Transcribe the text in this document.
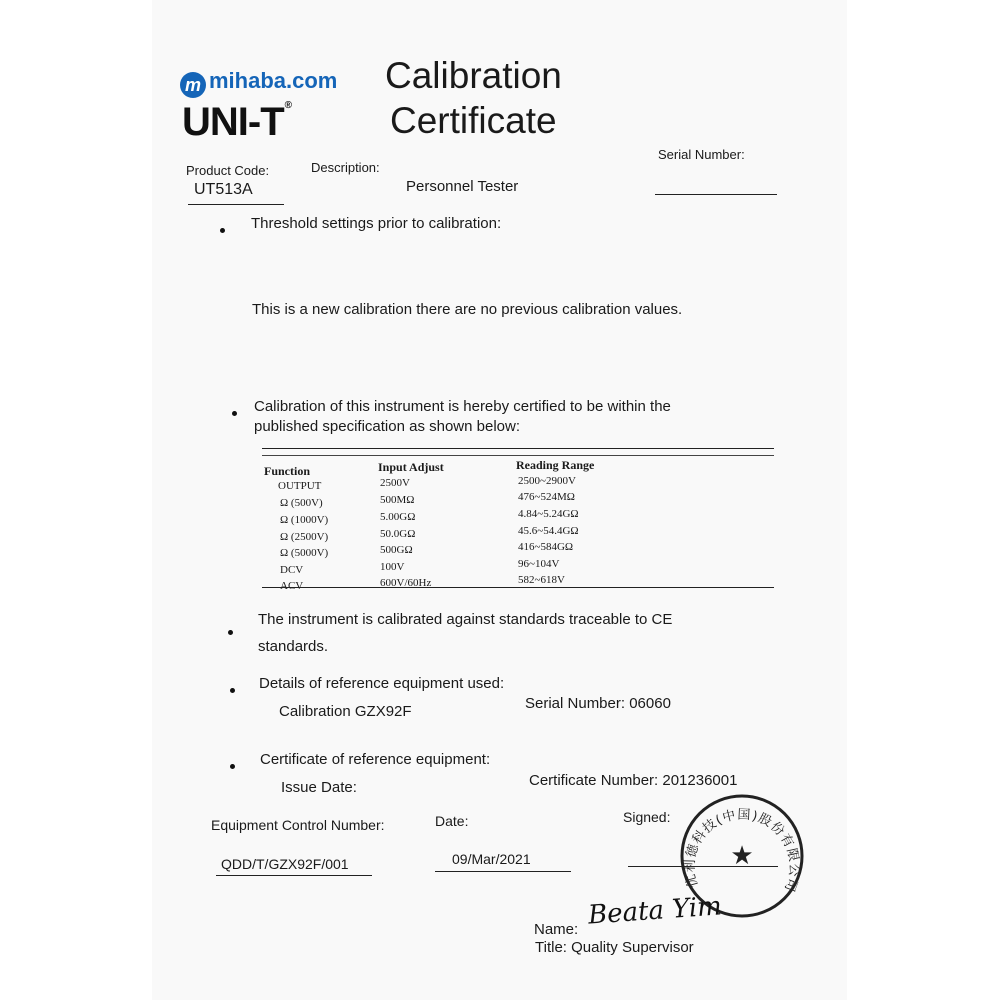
m mihaba.com
UNI-T®
Calibration
Certificate
Product Code:
UT513A
Description:
Personnel Tester
Serial Number:
Threshold settings prior to calibration:
This is a new calibration there are no previous calibration values.
Calibration of this instrument is hereby certified to be within the
published specification as shown below:
Function	Input Adjust	Reading Range
OUTPUT	2500V	2500~2900V
Ω (500V)	500MΩ	476~524MΩ
Ω (1000V)	5.00GΩ	4.84~5.24GΩ
Ω (2500V)	50.0GΩ	45.6~54.4GΩ
Ω (5000V)	500GΩ	416~584GΩ
DCV	100V	96~104V
ACV	600V/60Hz	582~618V
The instrument is calibrated against standards traceable to CE
standards.
Details of reference equipment used:
Calibration GZX92F	Serial Number: 06060
Certificate of reference equipment:
Issue Date:	Certificate Number: 201236001
Equipment Control Number:	Date:	Signed:
QDD/T/GZX92F/001	09/Mar/2021
优利德科技(中国)股份有限公司
★
Name: Beata Yim
Title: Quality Supervisor
